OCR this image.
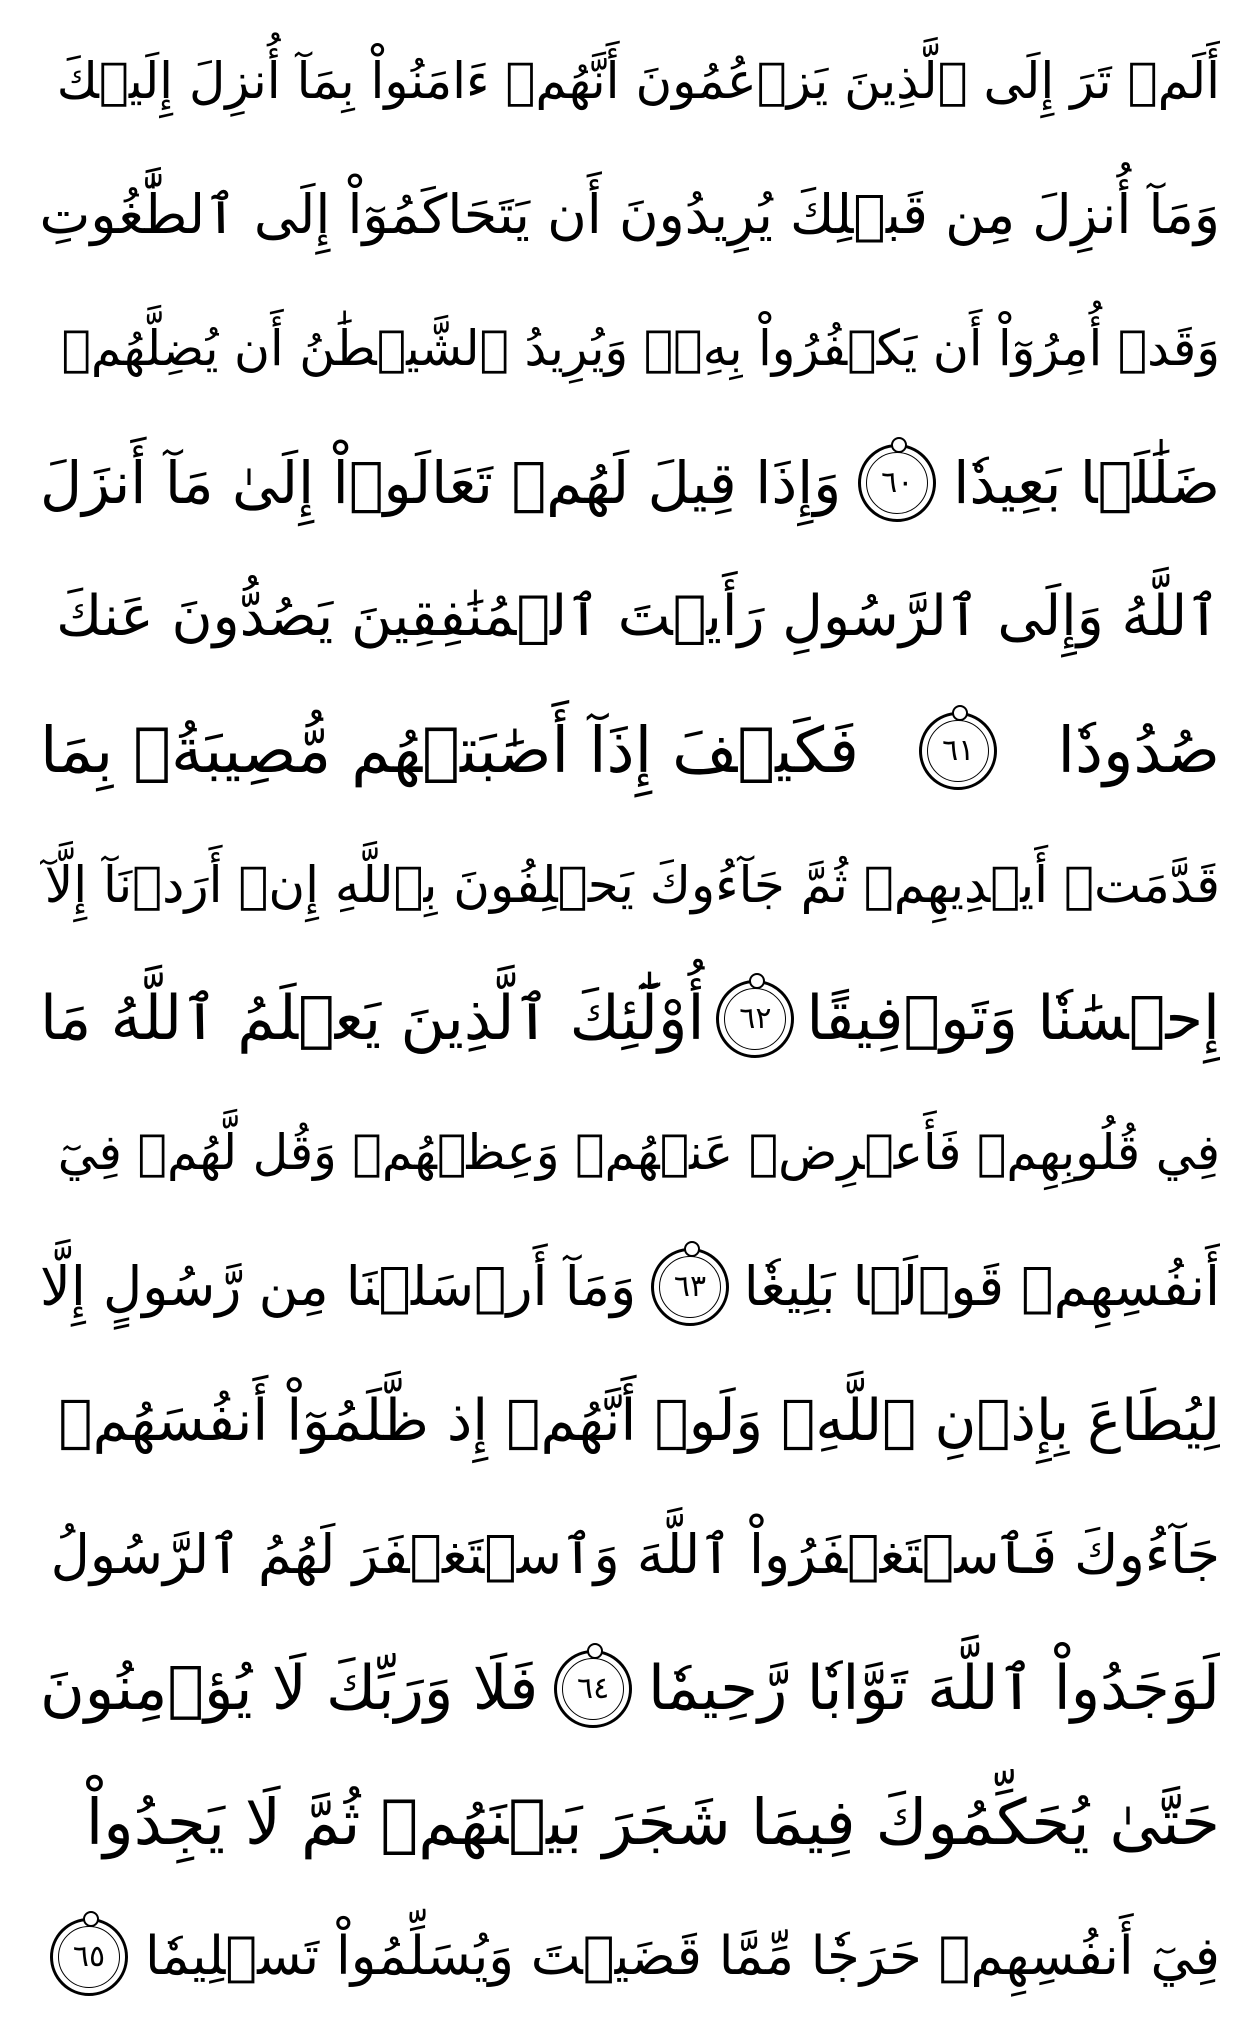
أَلَمۡ تَرَ إِلَى ٱلَّذِينَ يَزۡعُمُونَ أَنَّهُمۡ ءَامَنُواْ بِمَآ أُنزِلَ إِلَيۡكَ
وَمَآ أُنزِلَ مِن قَبۡلِكَ يُرِيدُونَ أَن يَتَحَاكَمُوٓاْ إِلَى ٱلطَّٰغُوتِ
وَقَدۡ أُمِرُوٓاْ أَن يَكۡفُرُواْ بِهِۦۖ وَيُرِيدُ ٱلشَّيۡطَٰنُ أَن يُضِلَّهُمۡ
ضَلَٰلَۢا بَعِيدٗا
٦٠
وَإِذَا قِيلَ لَهُمۡ تَعَالَوۡاْ إِلَىٰ مَآ أَنزَلَ
ٱللَّهُ وَإِلَى ٱلرَّسُولِ رَأَيۡتَ ٱلۡمُنَٰفِقِينَ يَصُدُّونَ عَنكَ
صُدُودٗا
٦١
فَكَيۡفَ إِذَآ أَصَٰبَتۡهُم مُّصِيبَةُۢ بِمَا
قَدَّمَتۡ أَيۡدِيهِمۡ ثُمَّ جَآءُوكَ يَحۡلِفُونَ بِٱللَّهِ إِنۡ أَرَدۡنَآ إِلَّآ
إِحۡسَٰنٗا وَتَوۡفِيقًا
٦٢
أُوْلَٰٓئِكَ ٱلَّذِينَ يَعۡلَمُ ٱللَّهُ مَا
فِي قُلُوبِهِمۡ فَأَعۡرِضۡ عَنۡهُمۡ وَعِظۡهُمۡ وَقُل لَّهُمۡ فِيٓ
أَنفُسِهِمۡ قَوۡلَۢا بَلِيغٗا
٦٣
وَمَآ أَرۡسَلۡنَا مِن رَّسُولٍ إِلَّا
لِيُطَاعَ بِإِذۡنِ ٱللَّهِۚ وَلَوۡ أَنَّهُمۡ إِذ ظَّلَمُوٓاْ أَنفُسَهُمۡ
جَآءُوكَ فَٱسۡتَغۡفَرُواْ ٱللَّهَ وَٱسۡتَغۡفَرَ لَهُمُ ٱلرَّسُولُ
لَوَجَدُواْ ٱللَّهَ تَوَّابٗا رَّحِيمٗا
٦٤
فَلَا وَرَبِّكَ لَا يُؤۡمِنُونَ
حَتَّىٰ يُحَكِّمُوكَ فِيمَا شَجَرَ بَيۡنَهُمۡ ثُمَّ لَا يَجِدُواْ
فِيٓ أَنفُسِهِمۡ حَرَجٗا مِّمَّا قَضَيۡتَ وَيُسَلِّمُواْ تَسۡلِيمٗا
٦٥
